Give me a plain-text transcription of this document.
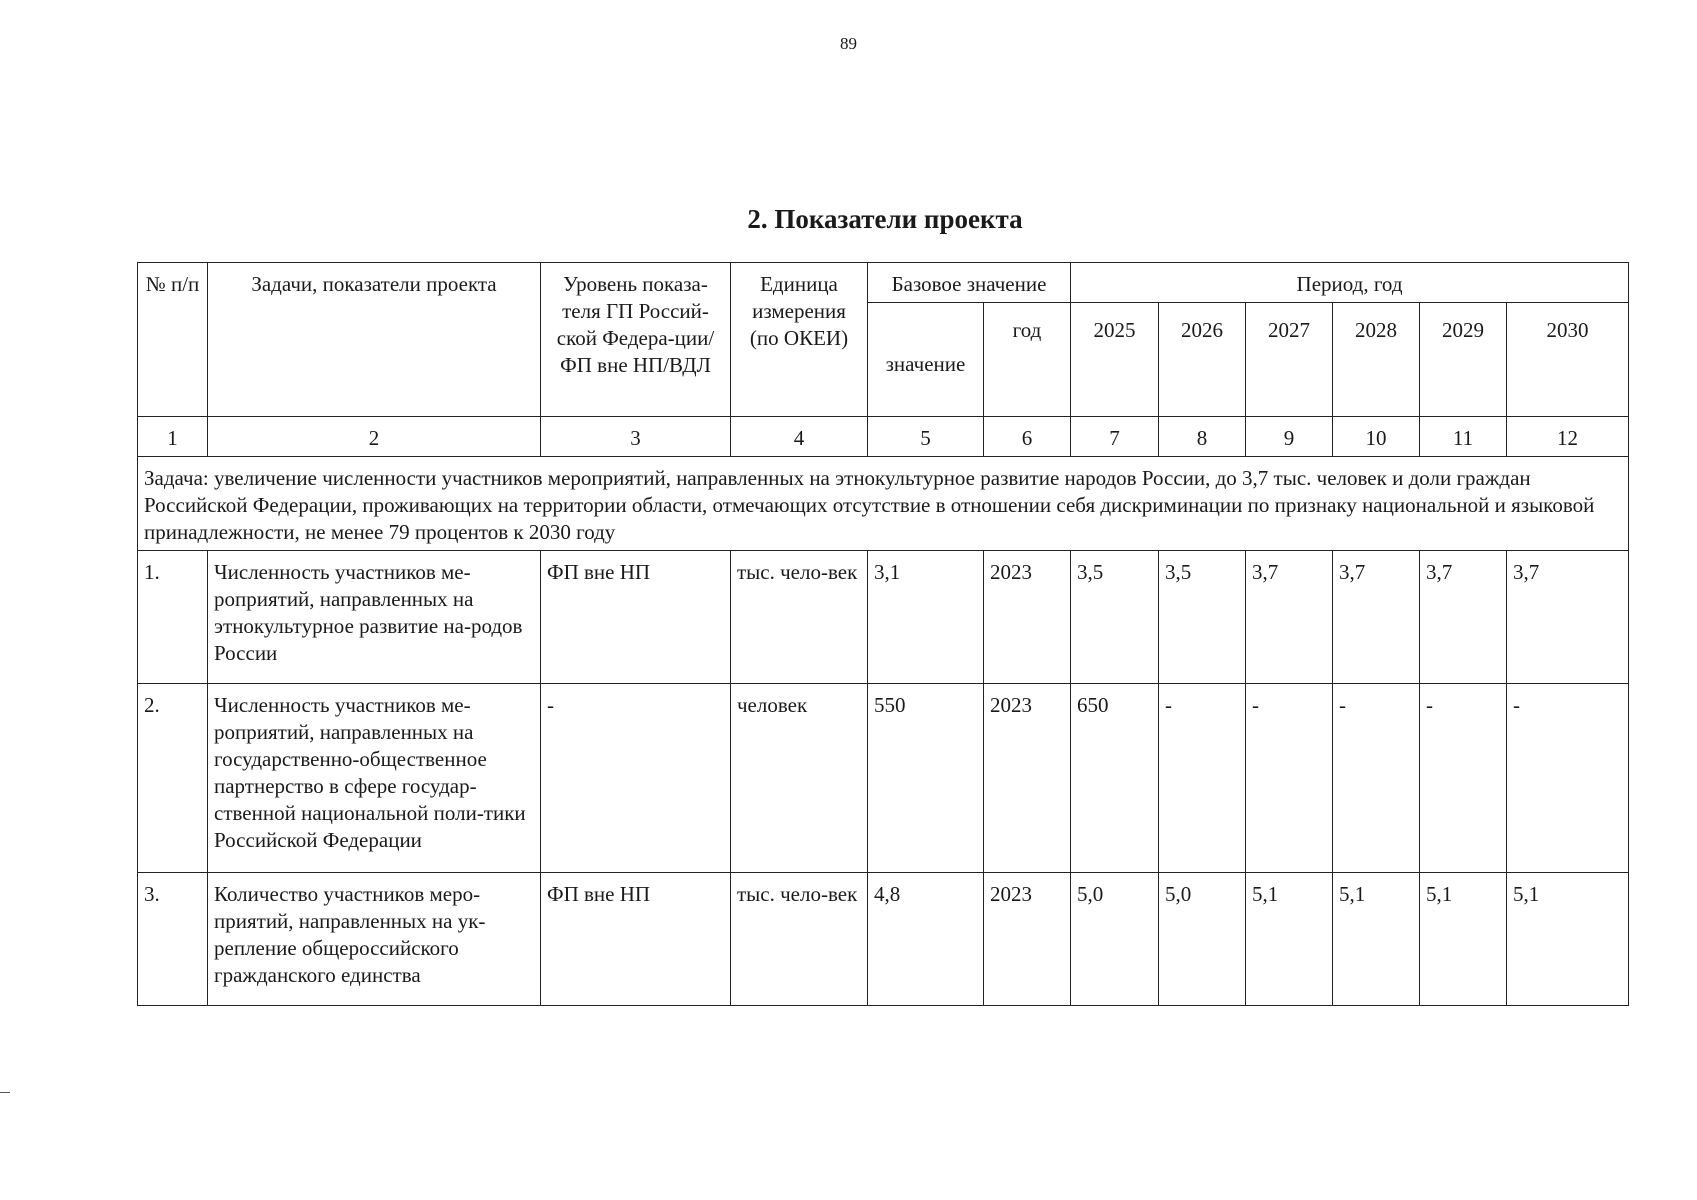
89
2. Показатели проекта
№ п/п	Задачи, показатели проекта	Уровень показа-теля ГП Россий-ской Федера-ции/ФП вне НП/ВДЛ	Единица измерения (по ОКЕИ)	Базовое значение		Период, год					
				значение	год	2025	2026	2027	2028	2029	2030
1	2	3	4	5	6	7	8	9	10	11	12
Задача: увеличение численности участников мероприятий, направленных на этнокультурное развитие народов России, до 3,7 тыс. человек и доли граждан Российской Федерации, проживающих на территории области, отмечающих отсутствие в отношении себя дискриминации по признаку национальной и языковой принадлежности, не менее 79 процентов к 2030 году											
1.	Численность участников ме-роприятий, направленных на этнокультурное развитие на-родов России	ФП вне НП	тыс. чело-век	3,1	2023	3,5	3,5	3,7	3,7	3,7	3,7
2.	Численность участников ме-роприятий, направленных на государственно-общественное партнерство в сфере государ-ственной национальной поли-тики Российской Федерации	-	человек	550	2023	650	-	-	-	-	-
3.	Количество участников меро-приятий, направленных на ук-репление общероссийского гражданского единства	ФП вне НП	тыс. чело-век	4,8	2023	5,0	5,0	5,1	5,1	5,1	5,1
